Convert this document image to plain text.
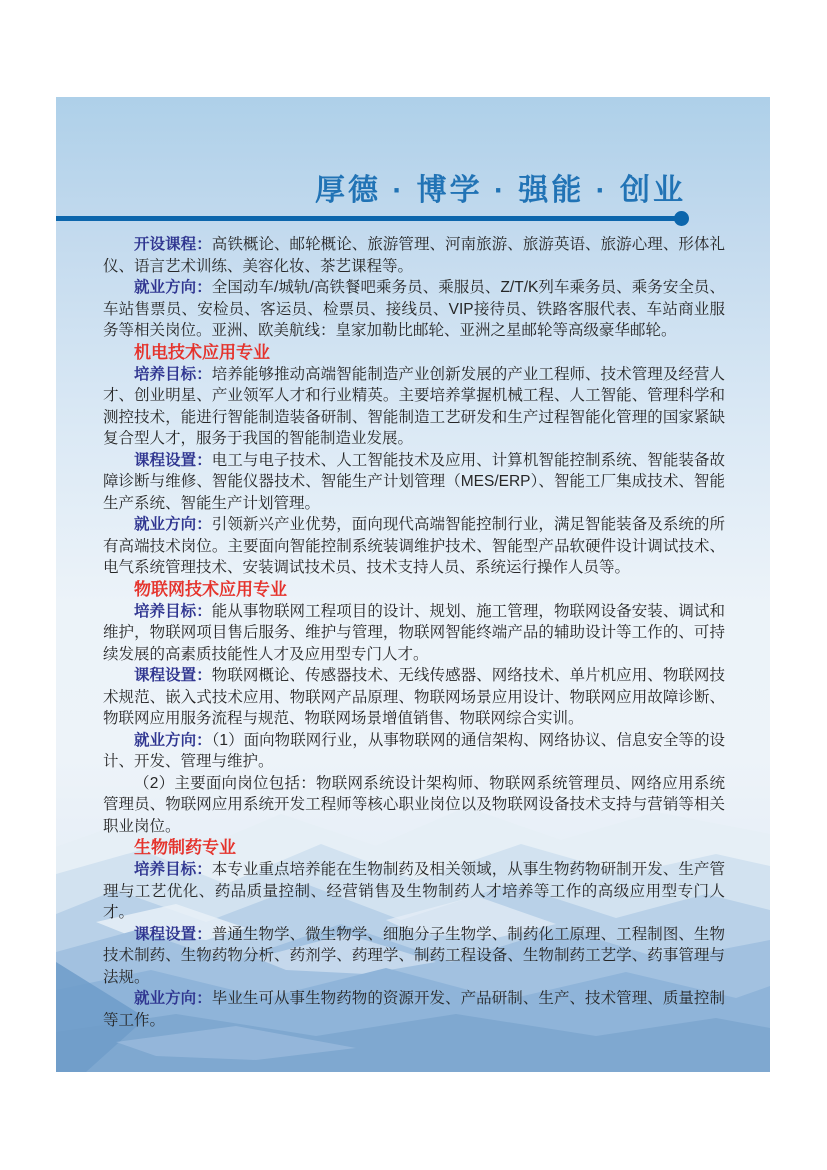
厚德 · 博学 · 强能 · 创业

开设课程：高铁概论、邮轮概论、旅游管理、河南旅游、旅游英语、旅游心理、形体礼仪、语言艺术训练、美容化妆、茶艺课程等。

就业方向：全国动车/城轨/高铁餐吧乘务员、乘服员、Z/T/K列车乘务员、乘务安全员、车站售票员、安检员、客运员、检票员、接线员、VIP接待员、铁路客服代表、车站商业服务等相关岗位。亚洲、欧美航线：皇家加勒比邮轮、亚洲之星邮轮等高级豪华邮轮。

机电技术应用专业

培养目标：培养能够推动高端智能制造产业创新发展的产业工程师、技术管理及经营人才、创业明星、产业领军人才和行业精英。主要培养掌握机械工程、人工智能、管理科学和测控技术，能进行智能制造装备研制、智能制造工艺研发和生产过程智能化管理的国家紧缺复合型人才，服务于我国的智能制造业发展。

课程设置：电工与电子技术、人工智能技术及应用、计算机智能控制系统、智能装备故障诊断与维修、智能仪器技术、智能生产计划管理（MES/ERP）、智能工厂集成技术、智能生产系统、智能生产计划管理。

就业方向：引领新兴产业优势，面向现代高端智能控制行业，满足智能装备及系统的所有高端技术岗位。主要面向智能控制系统装调维护技术、智能型产品软硬件设计调试技术、电气系统管理技术、安装调试技术员、技术支持人员、系统运行操作人员等。

物联网技术应用专业

培养目标：能从事物联网工程项目的设计、规划、施工管理，物联网设备安装、调试和维护，物联网项目售后服务、维护与管理，物联网智能终端产品的辅助设计等工作的、可持续发展的高素质技能性人才及应用型专门人才。

课程设置：物联网概论、传感器技术、无线传感器、网络技术、单片机应用、物联网技术规范、嵌入式技术应用、物联网产品原理、物联网场景应用设计、物联网应用故障诊断、物联网应用服务流程与规范、物联网场景增值销售、物联网综合实训。

就业方向：（1）面向物联网行业，从事物联网的通信架构、网络协议、信息安全等的设计、开发、管理与维护。

（2）主要面向岗位包括：物联网系统设计架构师、物联网系统管理员、网络应用系统管理员、物联网应用系统开发工程师等核心职业岗位以及物联网设备技术支持与营销等相关职业岗位。

生物制药专业

培养目标：本专业重点培养能在生物制药及相关领域，从事生物药物研制开发、生产管理与工艺优化、药品质量控制、经营销售及生物制药人才培养等工作的高级应用型专门人才。

课程设置：普通生物学、微生物学、细胞分子生物学、制药化工原理、工程制图、生物技术制药、生物药物分析、药剂学、药理学、制药工程设备、生物制药工艺学、药事管理与法规。

就业方向：毕业生可从事生物药物的资源开发、产品研制、生产、技术管理、质量控制等工作。
